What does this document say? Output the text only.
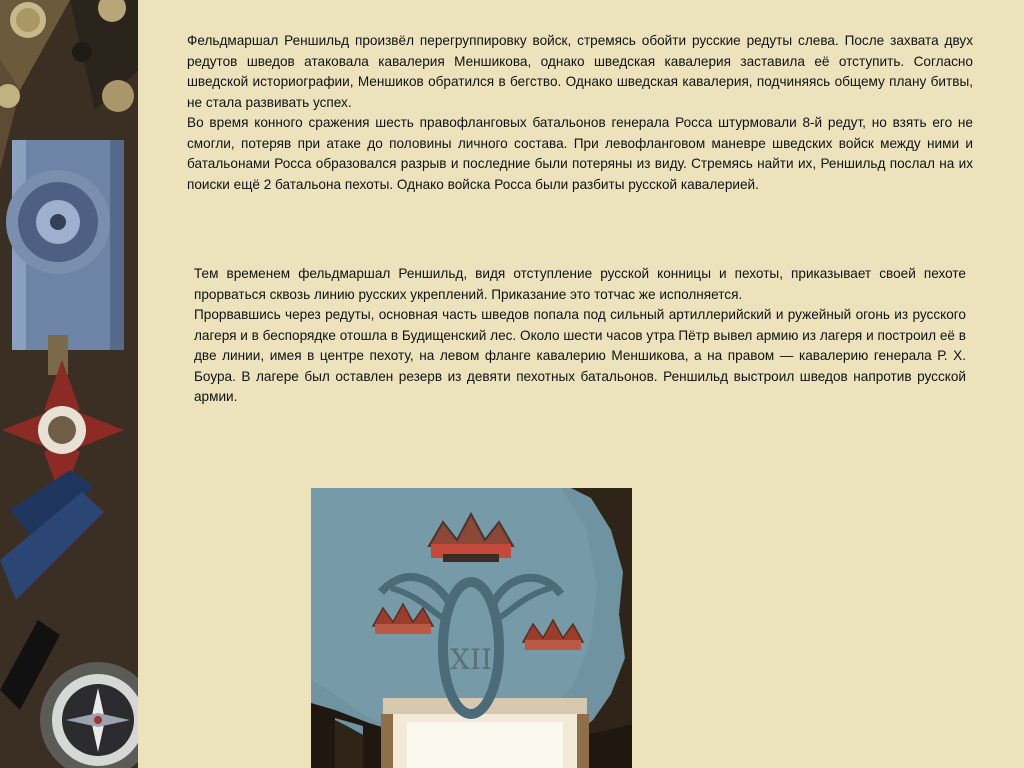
Фельдмаршал Реншильд произвёл перегруппировку войск, стремясь обойти русские редуты слева. После захвата двух редутов шведов атаковала кавалерия Меншикова, однако шведская кавалерия заставила её отступить. Согласно шведской историографии, Меншиков обратился в бегство. Однако шведская кавалерия, подчиняясь общему плану битвы, не стала развивать успех.

Во время конного сражения шесть правофланговых батальонов генерала Росса штурмовали 8-й редут, но взять его не смогли, потеряв при атаке до половины личного состава. При левофланговом маневре шведских войск между ними и батальонами Росса образовался разрыв и последние были потеряны из виду. Стремясь найти их, Реншильд послал на их поиски ещё 2 батальона пехоты. Однако войска Росса были разбиты русской кавалерией.

Тем временем фельдмаршал Реншильд, видя отступление русской конницы и пехоты, приказывает своей пехоте прорваться сквозь линию русских укреплений. Приказание это тотчас же исполняется.

Прорвавшись через редуты, основная часть шведов попала под сильный артиллерийский и ружейный огонь из русского лагеря и в беспорядке отошла в Будищенский лес. Около шести часов утра Пётр вывел армию из лагеря и построил её в две линии, имея в центре пехоту, на левом фланге кавалерию Меншикова, а на правом — кавалерию генерала Р. Х. Боура. В лагере был оставлен резерв из девяти пехотных батальонов. Реншильд выстроил шведов напротив русской армии.

XII
